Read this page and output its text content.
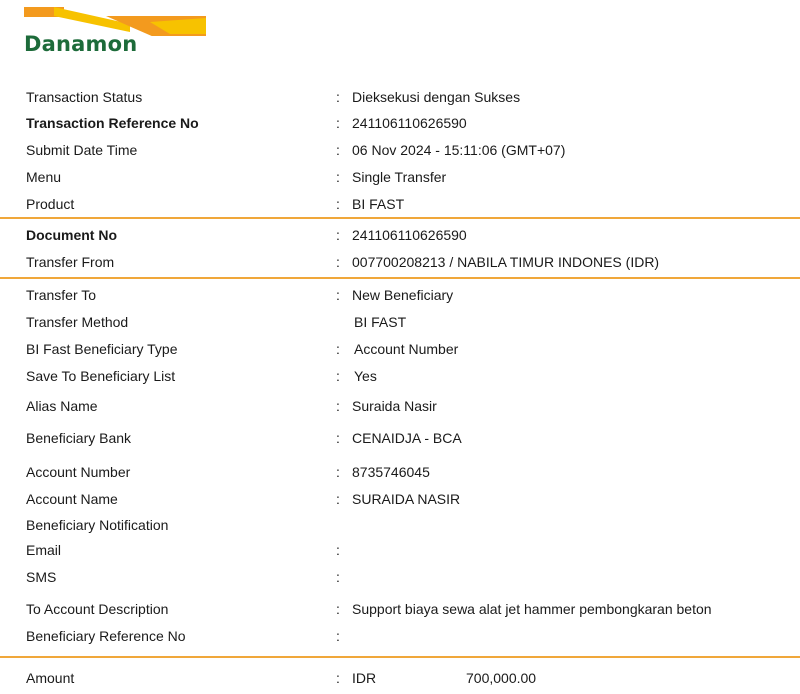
Danamon
Transaction Status	: Dieksekusi dengan Sukses
Transaction Reference No	: 241106110626590
Submit Date Time	: 06 Nov 2024 - 15:11:06 (GMT+07)
Menu	: Single Transfer
Product	: BI FAST
Document No	: 241106110626590
Transfer From	: 007700208213 / NABILA TIMUR INDONES (IDR)
Transfer To	: New Beneficiary
Transfer Method	BI FAST
BI Fast Beneficiary Type	: Account Number
Save To Beneficiary List	: Yes
Alias Name	: Suraida Nasir
Beneficiary Bank	: CENAIDJA - BCA
Account Number	: 8735746045
Account Name	: SURAIDA NASIR
Beneficiary Notification
Email	:
SMS	:
To Account Description	: Support biaya sewa alat jet hammer pembongkaran beton
Beneficiary Reference No	:
Amount	: IDR	700,000.00
